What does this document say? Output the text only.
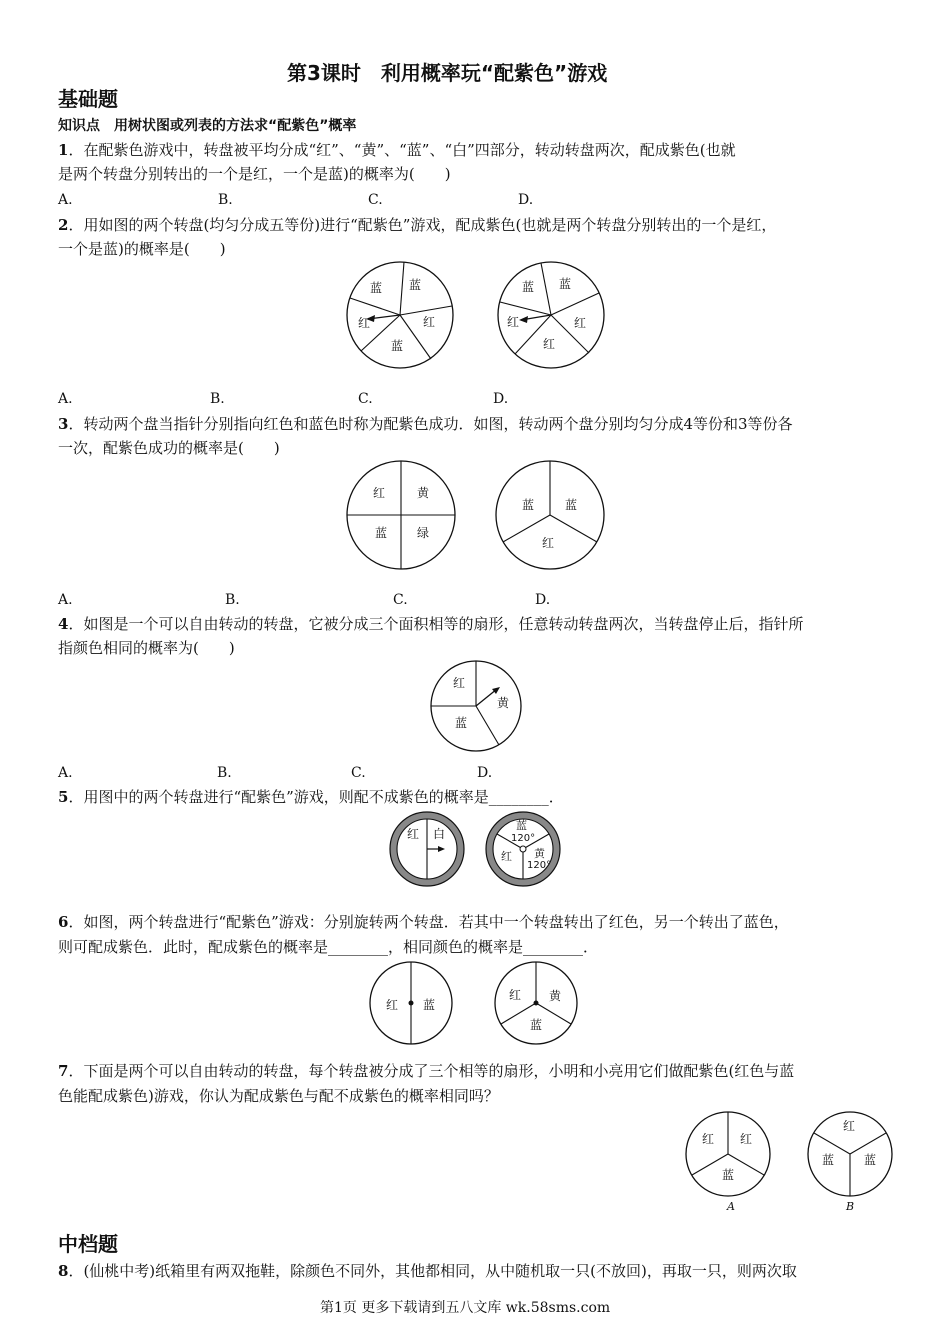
第3课时　利用概率玩“配紫色”游戏
基础题
知识点　用树状图或列表的方法求“配紫色”概率
1．在配紫色游戏中，转盘被平均分成“红”、“黄”、“蓝”、“白”四部分，转动转盘两次，配成紫色(也就
是两个转盘分别转出的一个是红，一个是蓝)的概率为(　　)
A.	B.	C.	D.
2．用如图的两个转盘(均匀分成五等份)进行“配紫色”游戏，配成紫色(也就是两个转盘分别转出的一个是红，
一个是蓝)的概率是(　　)
蓝 蓝
红	红
蓝
蓝 蓝
红	红
红
A.	B.	C.	D.
3．转动两个盘当指针分别指向红色和蓝色时称为配紫色成功．如图，转动两个盘分别均匀分成4等份和3等份各
一次，配紫色成功的概率是(　　)
红	黄
蓝 绿
蓝	蓝
红
A.	B.	C.	D.
4．如图是一个可以自由转动的转盘，它被分成三个面积相等的扇形，任意转动转盘两次，当转盘停止后，指针所
指颜色相同的概率为(　　)
红
黄
蓝
A.	B.	C.	D.
5．用图中的两个转盘进行“配紫色”游戏，则配不成紫色的概率是________．
红 白
蓝
120°
黄
120°
红
6．如图，两个转盘进行“配紫色”游戏：分别旋转两个转盘．若其中一个转盘转出了红色，另一个转出了蓝色，
则可配成紫色．此时，配成紫色的概率是________，相同颜色的概率是________．
红 蓝
红 黄
蓝
7．下面是两个可以自由转动的转盘，每个转盘被分成了三个相等的扇形，小明和小亮用它们做配紫色(红色与蓝
色能配成紫色)游戏，你认为配成紫色与配不成紫色的概率相同吗？
红 红
蓝
A
红
蓝 蓝
B
中档题
8．(仙桃中考)纸箱里有两双拖鞋，除颜色不同外，其他都相同，从中随机取一只(不放回)，再取一只，则两次取
第1页 更多下载请到五八文库 wk.58sms.com
